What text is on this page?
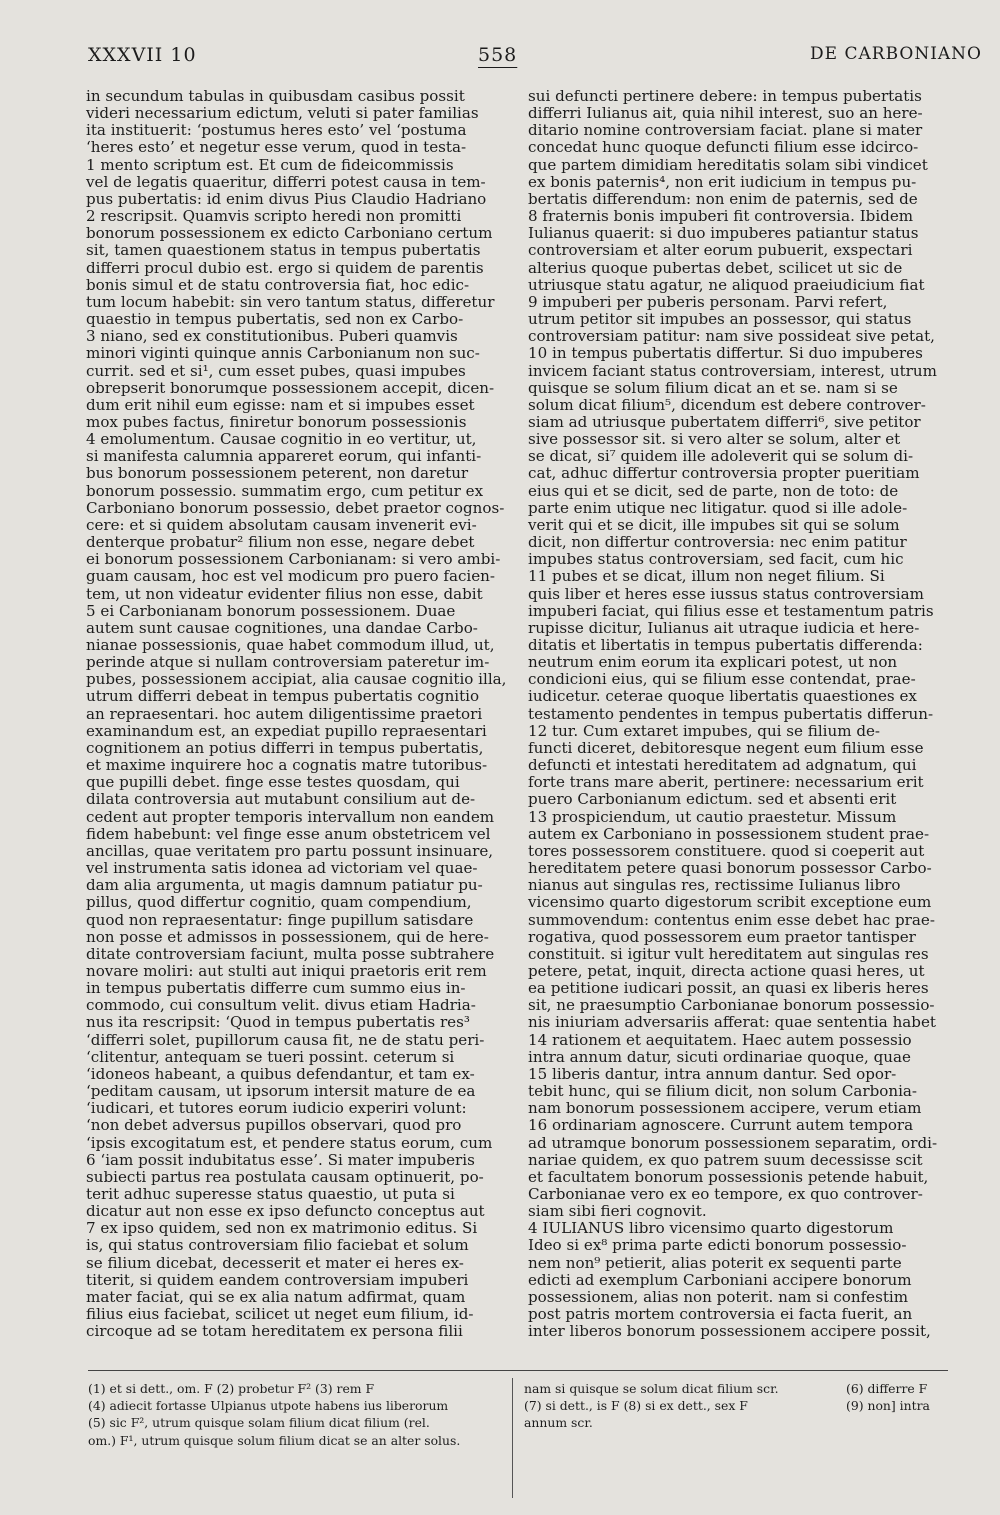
XXXVII 10	558	DE CARBONIANO

in secundum tabulas in quibusdam casibus possit

videri necessarium edictum, veluti si pater familias

ita instituerit: ‘postumus heres esto’ vel ‘postuma

‘heres esto’ et negetur esse verum, quod in testa-

1 mento scriptum est. Et cum de fideicommissis

vel de legatis quaeritur, differri potest causa in tem-

pus pubertatis: id enim divus Pius Claudio Hadriano

2 rescripsit. Quamvis scripto heredi non promitti

bonorum possessionem ex edicto Carboniano certum

sit, tamen quaestionem status in tempus pubertatis

differri procul dubio est. ergo si quidem de parentis

bonis simul et de statu controversia fiat, hoc edic-

tum locum habebit: sin vero tantum status, differetur

quaestio in tempus pubertatis, sed non ex Carbo-

3 niano, sed ex constitutionibus. Puberi quamvis

minori viginti quinque annis Carbonianum non suc-

currit. sed et si¹, cum esset pubes, quasi impubes

obrepserit bonorumque possessionem accepit, dicen-

dum erit nihil eum egisse: nam et si impubes esset

mox pubes factus, finiretur bonorum possessionis

4 emolumentum. Causae cognitio in eo vertitur, ut,

si manifesta calumnia appareret eorum, qui infanti-

bus bonorum possessionem peterent, non daretur

bonorum possessio. summatim ergo, cum petitur ex

Carboniano bonorum possessio, debet praetor cognos-

cere: et si quidem absolutam causam invenerit evi-

denterque probatur² filium non esse, negare debet

ei bonorum possessionem Carbonianam: si vero ambi-

guam causam, hoc est vel modicum pro puero facien-

tem, ut non videatur evidenter filius non esse, dabit

5 ei Carbonianam bonorum possessionem. Duae

autem sunt causae cognitiones, una dandae Carbo-

nianae possessionis, quae habet commodum illud, ut,

perinde atque si nullam controversiam pateretur im-

pubes, possessionem accipiat, alia causae cognitio illa,

utrum differri debeat in tempus pubertatis cognitio

an repraesentari. hoc autem diligentissime praetori

examinandum est, an expediat pupillo repraesentari

cognitionem an potius differri in tempus pubertatis,

et maxime inquirere hoc a cognatis matre tutoribus-

que pupilli debet. finge esse testes quosdam, qui

dilata controversia aut mutabunt consilium aut de-

cedent aut propter temporis intervallum non eandem

fidem habebunt: vel finge esse anum obstetricem vel

ancillas, quae veritatem pro partu possunt insinuare,

vel instrumenta satis idonea ad victoriam vel quae-

dam alia argumenta, ut magis damnum patiatur pu-

pillus, quod differtur cognitio, quam compendium,

quod non repraesentatur: finge pupillum satisdare

non posse et admissos in possessionem, qui de here-

ditate controversiam faciunt, multa posse subtrahere

novare moliri: aut stulti aut iniqui praetoris erit rem

in tempus pubertatis differre cum summo eius in-

commodo, cui consultum velit. divus etiam Hadria-

nus ita rescripsit: ‘Quod in tempus pubertatis res³

‘differri solet, pupillorum causa fit, ne de statu peri-

‘clitentur, antequam se tueri possint. ceterum si

‘idoneos habeant, a quibus defendantur, et tam ex-

‘peditam causam, ut ipsorum intersit mature de ea

‘iudicari, et tutores eorum iudicio experiri volunt:

‘non debet adversus pupillos observari, quod pro

‘ipsis excogitatum est, et pendere status eorum, cum

6 ‘iam possit indubitatus esse’. Si mater impuberis

subiecti partus rea postulata causam optinuerit, po-

terit adhuc superesse status quaestio, ut puta si

dicatur aut non esse ex ipso defuncto conceptus aut

7 ex ipso quidem, sed non ex matrimonio editus. Si

is, qui status controversiam filio faciebat et solum

se filium dicebat, decesserit et mater ei heres ex-

titerit, si quidem eandem controversiam impuberi

mater faciat, qui se ex alia natum adfirmat, quam

filius eius faciebat, scilicet ut neget eum filium, id-

circoque ad se totam hereditatem ex persona filii

sui defuncti pertinere debere: in tempus pubertatis

differri Iulianus ait, quia nihil interest, suo an here-

ditario nomine controversiam faciat. plane si mater

concedat hunc quoque defuncti filium esse idcirco-

que partem dimidiam hereditatis solam sibi vindicet

ex bonis paternis⁴, non erit iudicium in tempus pu-

bertatis differendum: non enim de paternis, sed de

8 fraternis bonis impuberi fit controversia. Ibidem

Iulianus quaerit: si duo impuberes patiantur status

controversiam et alter eorum pubuerit, exspectari

alterius quoque pubertas debet, scilicet ut sic de

utriusque statu agatur, ne aliquod praeiudicium fiat

9 impuberi per puberis personam. Parvi refert,

utrum petitor sit impubes an possessor, qui status

controversiam patitur: nam sive possideat sive petat,

10 in tempus pubertatis differtur. Si duo impuberes

invicem faciant status controversiam, interest, utrum

quisque se solum filium dicat an et se. nam si se

solum dicat filium⁵, dicendum est debere controver-

siam ad utriusque pubertatem differri⁶, sive petitor

sive possessor sit. si vero alter se solum, alter et

se dicat, si⁷ quidem ille adoleverit qui se solum di-

cat, adhuc differtur controversia propter pueritiam

eius qui et se dicit, sed de parte, non de toto: de

parte enim utique nec litigatur. quod si ille adole-

verit qui et se dicit, ille impubes sit qui se solum

dicit, non differtur controversia: nec enim patitur

impubes status controversiam, sed facit, cum hic

11 pubes et se dicat, illum non neget filium. Si

quis liber et heres esse iussus status controversiam

impuberi faciat, qui filius esse et testamentum patris

rupisse dicitur, Iulianus ait utraque iudicia et here-

ditatis et libertatis in tempus pubertatis differenda:

neutrum enim eorum ita explicari potest, ut non

condicioni eius, qui se filium esse contendat, prae-

iudicetur. ceterae quoque libertatis quaestiones ex

testamento pendentes in tempus pubertatis differun-

12 tur. Cum extaret impubes, qui se filium de-

functi diceret, debitoresque negent eum filium esse

defuncti et intestati hereditatem ad adgnatum, qui

forte trans mare aberit, pertinere: necessarium erit

puero Carbonianum edictum. sed et absenti erit

13 prospiciendum, ut cautio praestetur. Missum

autem ex Carboniano in possessionem student prae-

tores possessorem constituere. quod si coeperit aut

hereditatem petere quasi bonorum possessor Carbo-

nianus aut singulas res, rectissime Iulianus libro

vicensimo quarto digestorum scribit exceptione eum

summovendum: contentus enim esse debet hac prae-

rogativa, quod possessorem eum praetor tantisper

constituit. si igitur vult hereditatem aut singulas res

petere, petat, inquit, directa actione quasi heres, ut

ea petitione iudicari possit, an quasi ex liberis heres

sit, ne praesumptio Carbonianae bonorum possessio-

nis iniuriam adversariis afferat: quae sententia habet

14 rationem et aequitatem. Haec autem possessio

intra annum datur, sicuti ordinariae quoque, quae

15 liberis dantur, intra annum dantur. Sed opor-

tebit hunc, qui se filium dicit, non solum Carbonia-

nam bonorum possessionem accipere, verum etiam

16 ordinariam agnoscere. Currunt autem tempora

ad utramque bonorum possessionem separatim, ordi-

nariae quidem, ex quo patrem suum decessisse scit

et facultatem bonorum possessionis petende habuit,

Carbonianae vero ex eo tempore, ex quo controver-

siam sibi fieri cognovit.

4 IULIANUS libro vicensimo quarto digestorum

Ideo si ex⁸ prima parte edicti bonorum possessio-

nem non⁹ petierit, alias poterit ex sequenti parte

edicti ad exemplum Carboniani accipere bonorum

possessionem, alias non poterit. nam si confestim

post patris mortem controversia ei facta fuerit, an

inter liberos bonorum possessionem accipere possit,

(1) et si dett., om. F (2) probetur F² (3) rem F

(4) adiecit fortasse Ulpianus utpote habens ius liberorum

(5) sic F², utrum quisque solam filium dicat filium (rel.

om.) F¹, utrum quisque solum filium dicat se an alter solus.

nam si quisque se solum dicat filium scr.

(7) si dett., is F (8) si ex dett., sex F

annum scr.

(6) differre F

(9) non] intra
